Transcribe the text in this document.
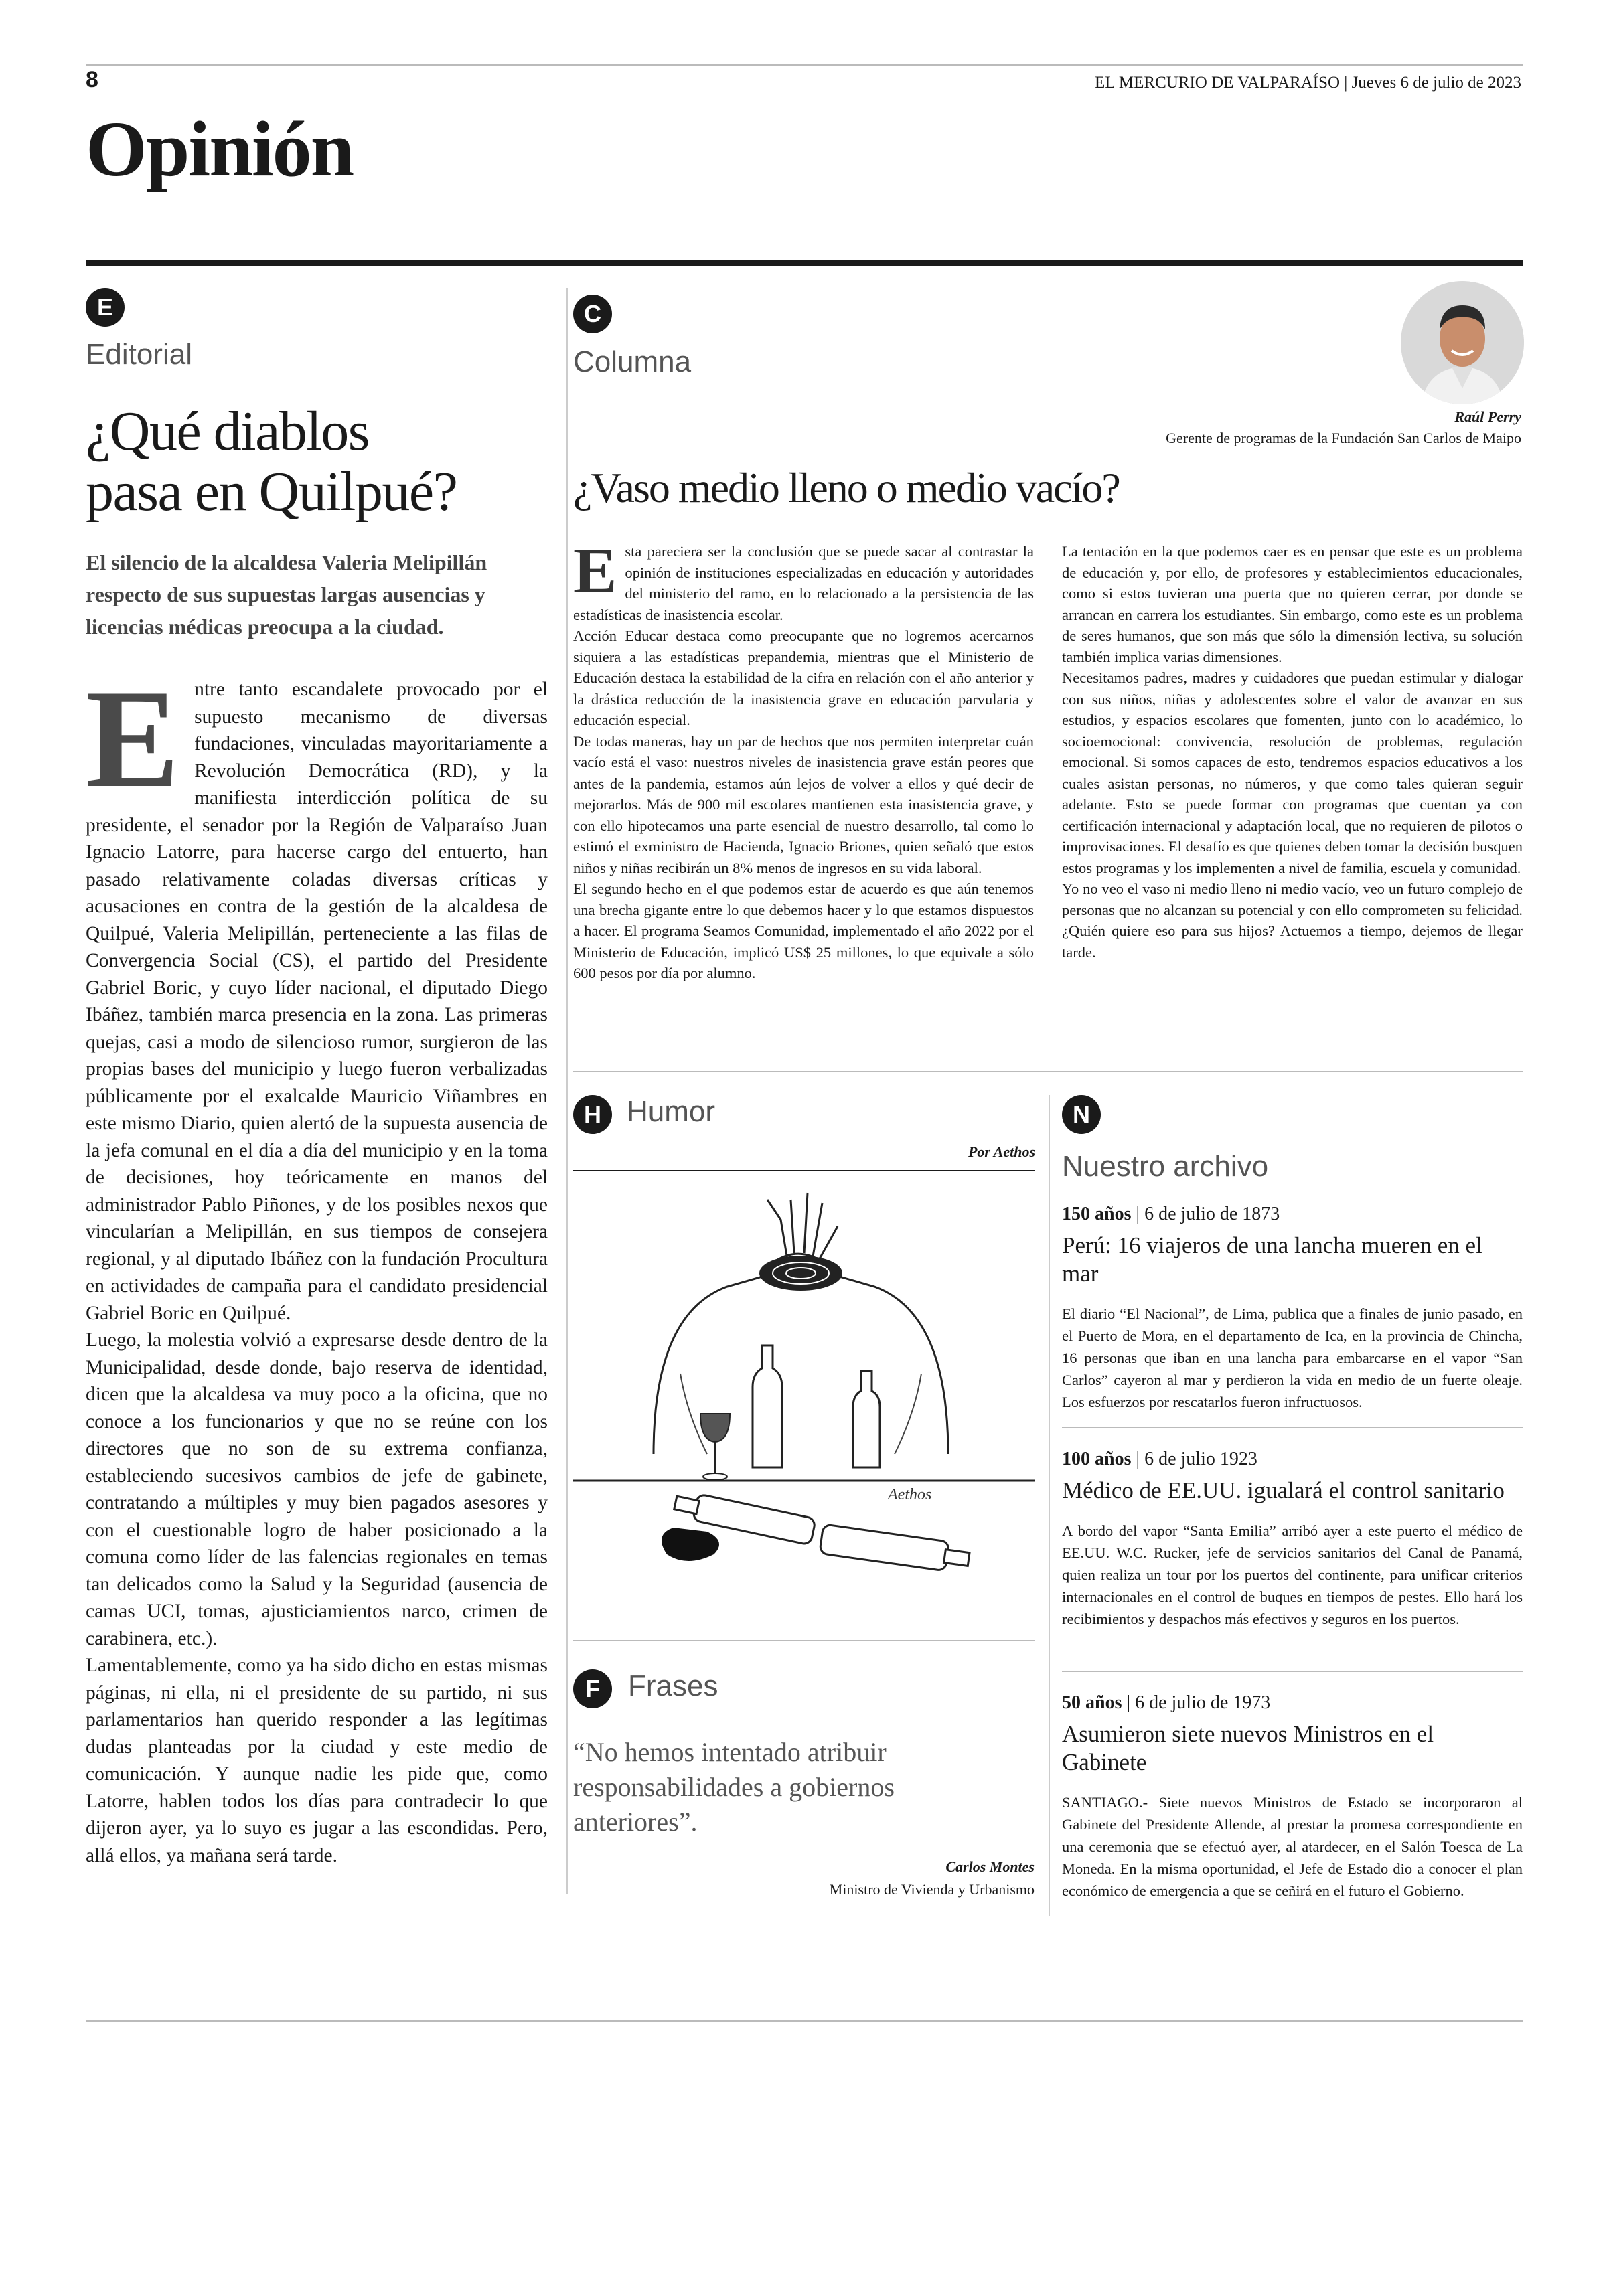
8	EL MERCURIO DE VALPARAÍSO | Jueves 6 de julio de 2023
Opinión
E
Editorial
¿Qué diablos
pasa en Quilpué?
El silencio de la alcaldesa Valeria Melipillán respecto de sus supuestas largas ausencias y licencias médicas preocupa a la ciudad.

Entre tanto escandalete provocado por el supuesto mecanismo de diversas fundaciones, vinculadas mayoritariamente a Revolución Democrática (RD), y la manifiesta interdicción política de su presidente, el senador por la Región de Valparaíso Juan Ignacio Latorre, para hacerse cargo del entuerto, han pasado relativamente coladas diversas críticas y acusaciones en contra de la gestión de la alcaldesa de Quilpué, Valeria Melipillán, perteneciente a las filas de Convergencia Social (CS), el partido del Presidente Gabriel Boric, y cuyo líder nacional, el diputado Diego Ibáñez, también marca presencia en la zona. Las primeras quejas, casi a modo de silencioso rumor, surgieron de las propias bases del municipio y luego fueron verbalizadas públicamente por el exalcalde Mauricio Viñambres en este mismo Diario, quien alertó de la supuesta ausencia de la jefa comunal en el día a día del municipio y en la toma de decisiones, hoy teóricamente en manos del administrador Pablo Piñones, y de los posibles nexos que vincularían a Melipillán, en sus tiempos de consejera regional, y al diputado Ibáñez con la fundación Procultura en actividades de campaña para el candidato presidencial Gabriel Boric en Quilpué.

Luego, la molestia volvió a expresarse desde dentro de la Municipalidad, desde donde, bajo reserva de identidad, dicen que la alcaldesa va muy poco a la oficina, que no conoce a los funcionarios y que no se reúne con los directores que no son de su extrema confianza, estableciendo sucesivos cambios de jefe de gabinete, contratando a múltiples y muy bien pagados asesores y con el cuestionable logro de haber posicionado a la comuna como líder de las falencias regionales en temas tan delicados como la Salud y la Seguridad (ausencia de camas UCI, tomas, ajusticiamientos narco, crimen de carabinera, etc.).

Lamentablemente, como ya ha sido dicho en estas mismas páginas, ni ella, ni el presidente de su partido, ni sus parlamentarios han querido responder a las legítimas dudas planteadas por la ciudad y este medio de comunicación. Y aunque nadie les pide que, como Latorre, hablen todos los días para contradecir lo que dijeron ayer, ya lo suyo es jugar a las escondidas. Pero, allá ellos, ya mañana será tarde.

C
Columna
Raúl Perry
Gerente de programas de la Fundación San Carlos de Maipo
¿Vaso medio lleno o medio vacío?

Esta pareciera ser la conclusión que se puede sacar al contrastar la opinión de instituciones especializadas en educación y autoridades del ministerio del ramo, en lo relacionado a la persistencia de las estadísticas de inasistencia escolar.

Acción Educar destaca como preocupante que no logremos acercarnos siquiera a las estadísticas prepandemia, mientras que el Ministerio de Educación destaca la estabilidad de la cifra en relación con el año anterior y la drástica reducción de la inasistencia grave en educación parvularia y educación especial.

De todas maneras, hay un par de hechos que nos permiten interpretar cuán vacío está el vaso: nuestros niveles de inasistencia grave están peores que antes de la pandemia, estamos aún lejos de volver a ellos y qué decir de mejorarlos. Más de 900 mil escolares mantienen esta inasistencia grave, y con ello hipotecamos una parte esencial de nuestro desarrollo, tal como lo estimó el exministro de Hacienda, Ignacio Briones, quien señaló que estos niños y niñas recibirán un 8% menos de ingresos en su vida laboral.

El segundo hecho en el que podemos estar de acuerdo es que aún tenemos una brecha gigante entre lo que debemos hacer y lo que estamos dispuestos a hacer. El programa Seamos Comunidad, implementado el año 2022 por el Ministerio de Educación, implicó US$ 25 millones, lo que equivale a sólo 600 pesos por día por alumno.

La tentación en la que podemos caer es en pensar que este es un problema de educación y, por ello, de profesores y establecimientos educacionales, como si estos tuvieran una puerta que no quieren cerrar, por donde se arrancan en carrera los estudiantes. Sin embargo, como este es un problema de seres humanos, que son más que sólo la dimensión lectiva, su solución también implica varias dimensiones.

Necesitamos padres, madres y cuidadores que puedan estimular y dialogar con sus niños, niñas y adolescentes sobre el valor de avanzar en sus estudios, y espacios escolares que fomenten, junto con lo académico, lo socioemocional: convivencia, resolución de problemas, regulación emocional. Si somos capaces de esto, tendremos espacios educativos a los cuales asistan personas, no números, y que como tales quieran seguir adelante. Esto se puede formar con programas que cuentan ya con certificación internacional y adaptación local, que no requieren de pilotos o improvisaciones. El desafío es que quienes deben tomar la decisión busquen estos programas y los implementen a nivel de familia, escuela y comunidad.

Yo no veo el vaso ni medio lleno ni medio vacío, veo un futuro complejo de personas que no alcanzan su potencial y con ello comprometen su felicidad. ¿Quién quiere eso para sus hijos? Actuemos a tiempo, dejemos de llegar tarde.

H Humor
Por Aethos
Aethos
F Frases
“No hemos intentado atribuir responsabilidades a gobiernos anteriores”.
Carlos Montes
Ministro de Vivienda y Urbanismo
N
Nuestro archivo
150 años | 6 de julio de 1873
Perú: 16 viajeros de una lancha mueren en el mar
El diario “El Nacional”, de Lima, publica que a finales de junio pasado, en el Puerto de Mora, en el departamento de Ica, en la provincia de Chincha, 16 personas que iban en una lancha para embarcarse en el vapor “San Carlos” cayeron al mar y perdieron la vida en medio de un fuerte oleaje. Los esfuerzos por rescatarlos fueron infructuosos.
100 años | 6 de julio 1923
Médico de EE.UU. igualará el control sanitario
A bordo del vapor “Santa Emilia” arribó ayer a este puerto el médico de EE.UU. W.C. Rucker, jefe de servicios sanitarios del Canal de Panamá, quien realiza un tour por los puertos del continente, para unificar criterios internacionales en el control de buques en tiempos de pestes. Ello hará los recibimientos y despachos más efectivos y seguros en los puertos.
50 años | 6 de julio de 1973
Asumieron siete nuevos Ministros en el Gabinete
SANTIAGO.- Siete nuevos Ministros de Estado se incorporaron al Gabinete del Presidente Allende, al prestar la promesa correspondiente en una ceremonia que se efectuó ayer, al atardecer, en el Salón Toesca de La Moneda. En la misma oportunidad, el Jefe de Estado dio a conocer el plan económico de emergencia a que se ceñirá en el futuro el Gobierno.
